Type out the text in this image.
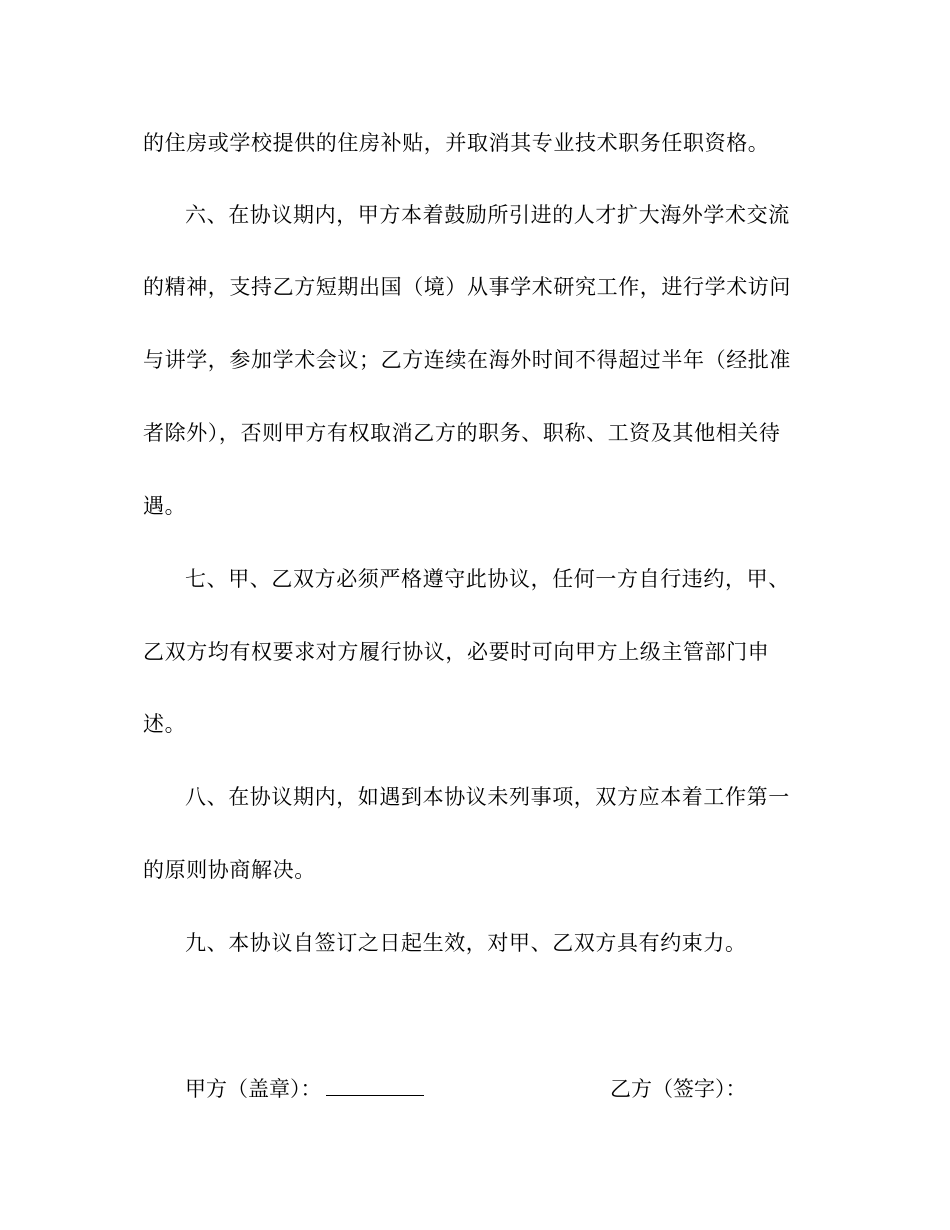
的住房或学校提供的住房补贴，并取消其专业技术职务任职资格。
六、在协议期内，甲方本着鼓励所引进的人才扩大海外学术交流
的精神，支持乙方短期出国（境）从事学术研究工作，进行学术访问
与讲学，参加学术会议；乙方连续在海外时间不得超过半年（经批准
者除外），否则甲方有权取消乙方的职务、职称、工资及其他相关待
遇。
七、甲、乙双方必须严格遵守此协议，任何一方自行违约，甲、
乙双方均有权要求对方履行协议，必要时可向甲方上级主管部门申
述。
八、在协议期内，如遇到本协议未列事项，双方应本着工作第一
的原则协商解决。
九、本协议自签订之日起生效，对甲、乙双方具有约束力。
甲方（盖章）：	乙方（签字）：
